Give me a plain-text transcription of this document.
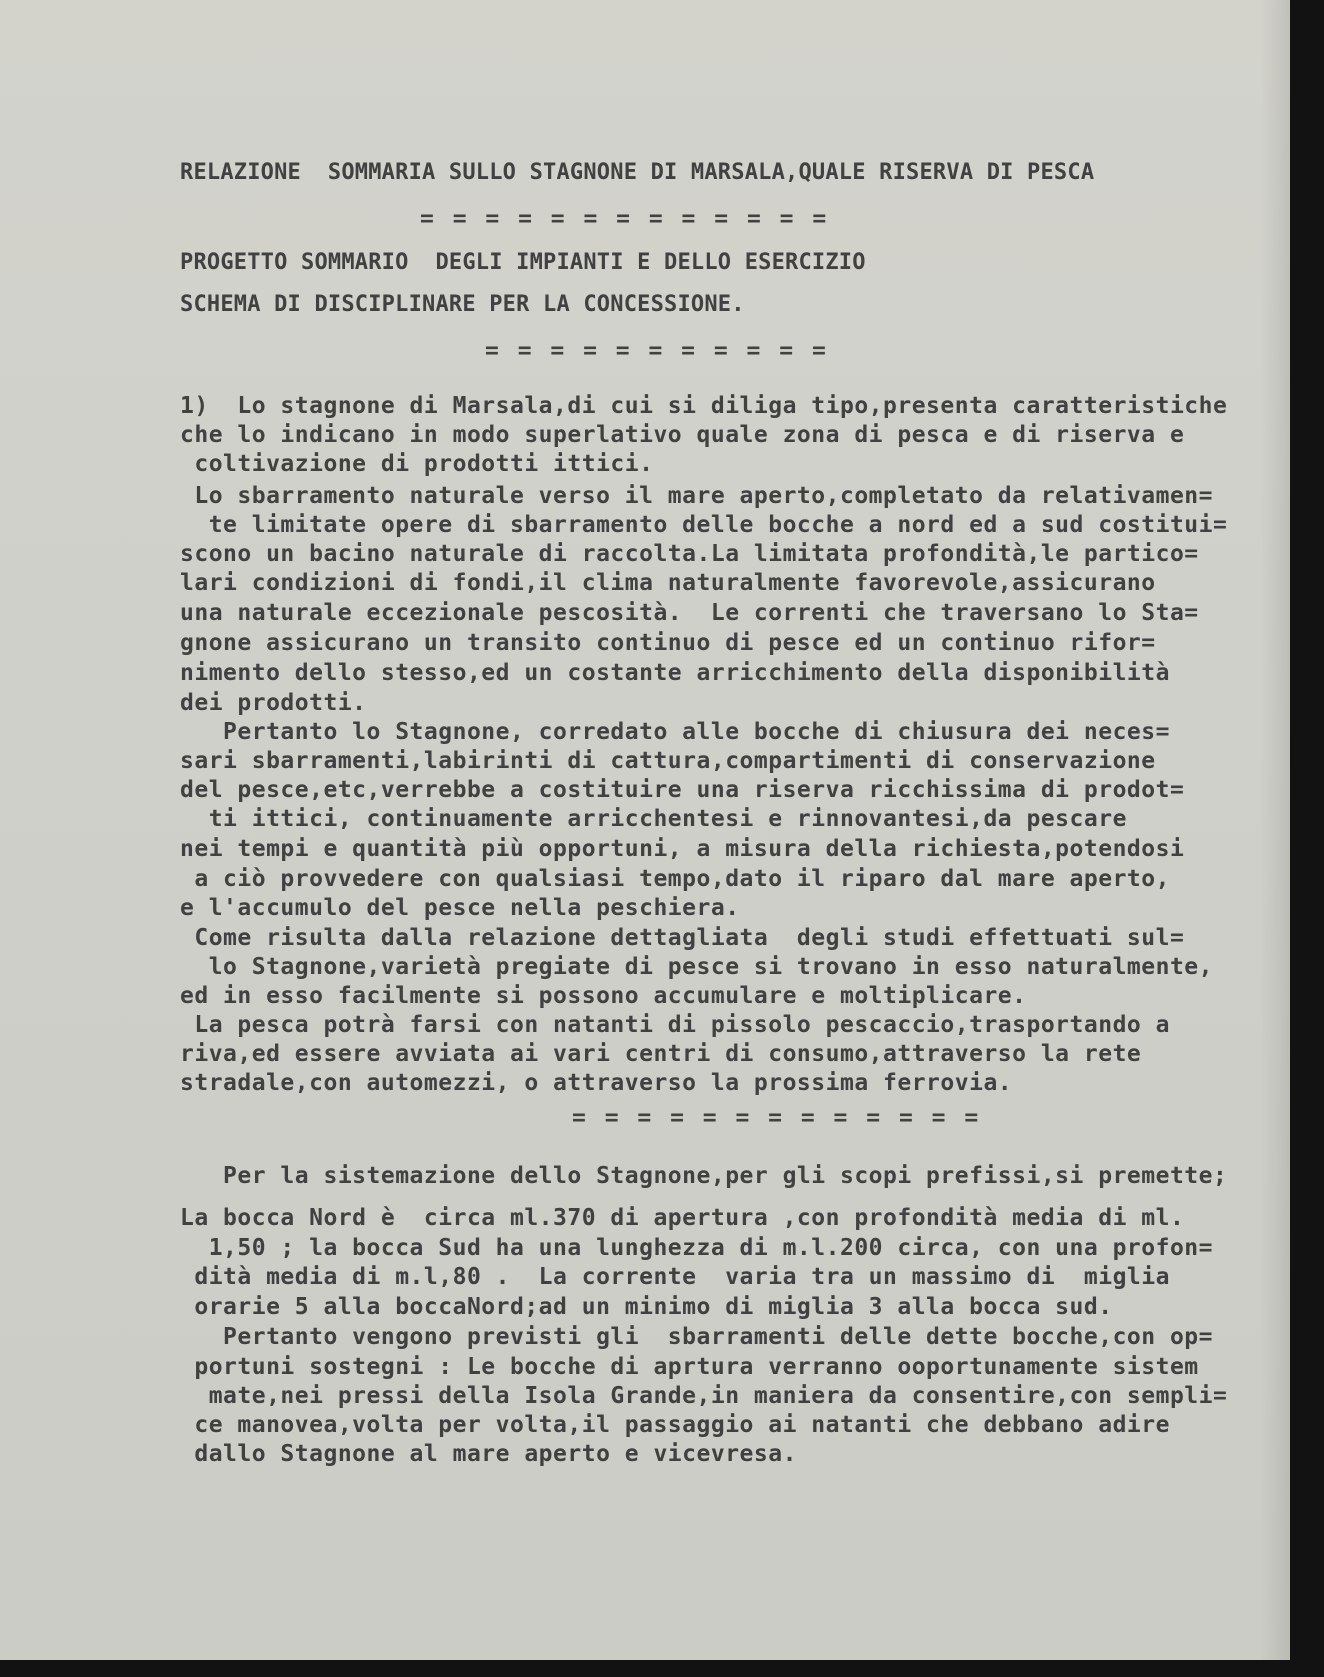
RELAZIONE  SOMMARIA SULLO STAGNONE DI MARSALA,QUALE RISERVA DI PESCA
= = = = = = = = = = = = =
PROGETTO SOMMARIO  DEGLI IMPIANTI E DELLO ESERCIZIO
SCHEMA DI DISCIPLINARE PER LA CONCESSIONE.
= = = = = = = = = = =
1)  Lo stagnone di Marsala,di cui si diliga tipo,presenta caratteristiche
che lo indicano in modo superlativo quale zona di pesca e di riserva e
coltivazione di prodotti ittici.
Lo sbarramento naturale verso il mare aperto,completato da relativamen=
te limitate opere di sbarramento delle bocche a nord ed a sud costitui=
scono un bacino naturale di raccolta.La limitata profondità,le partico=
lari condizioni di fondi,il clima naturalmente favorevole,assicurano
una naturale eccezionale pescosità.  Le correnti che traversano lo Sta=
gnone assicurano un transito continuo di pesce ed un continuo rifor=
nimento dello stesso,ed un costante arricchimento della disponibilità
dei prodotti.
Pertanto lo Stagnone, corredato alle bocche di chiusura dei neces=
sari sbarramenti,labirinti di cattura,compartimenti di conservazione
del pesce,etc,verrebbe a costituire una riserva ricchissima di prodot=
ti ittici, continuamente arricchentesi e rinnovantesi,da pescare
nei tempi e quantità più opportuni, a misura della richiesta,potendosi
a ciò provvedere con qualsiasi tempo,dato il riparo dal mare aperto,
e l'accumulo del pesce nella peschiera.
Come risulta dalla relazione dettagliata  degli studi effettuati sul=
lo Stagnone,varietà pregiate di pesce si trovano in esso naturalmente,
ed in esso facilmente si possono accumulare e moltiplicare.
La pesca potrà farsi con natanti di pissolo pescaccio,trasportando a
riva,ed essere avviata ai vari centri di consumo,attraverso la rete
stradale,con automezzi, o attraverso la prossima ferrovia.
= = = = = = = = = = = = =
Per la sistemazione dello Stagnone,per gli scopi prefissi,si premette;
La bocca Nord è  circa ml.370 di apertura ,con profondità media di ml.
1,50 ; la bocca Sud ha una lunghezza di m.l.200 circa, con una profon=
dità media di m.l,80 .  La corrente  varia tra un massimo di  miglia
orarie 5 alla boccaNord;ad un minimo di miglia 3 alla bocca sud.
Pertanto vengono previsti gli  sbarramenti delle dette bocche,con op=
portuni sostegni : Le bocche di aprtura verranno ooportunamente sistem
mate,nei pressi della Isola Grande,in maniera da consentire,con sempli=
ce manovea,volta per volta,il passaggio ai natanti che debbano adire
dallo Stagnone al mare aperto e vicevresa.
